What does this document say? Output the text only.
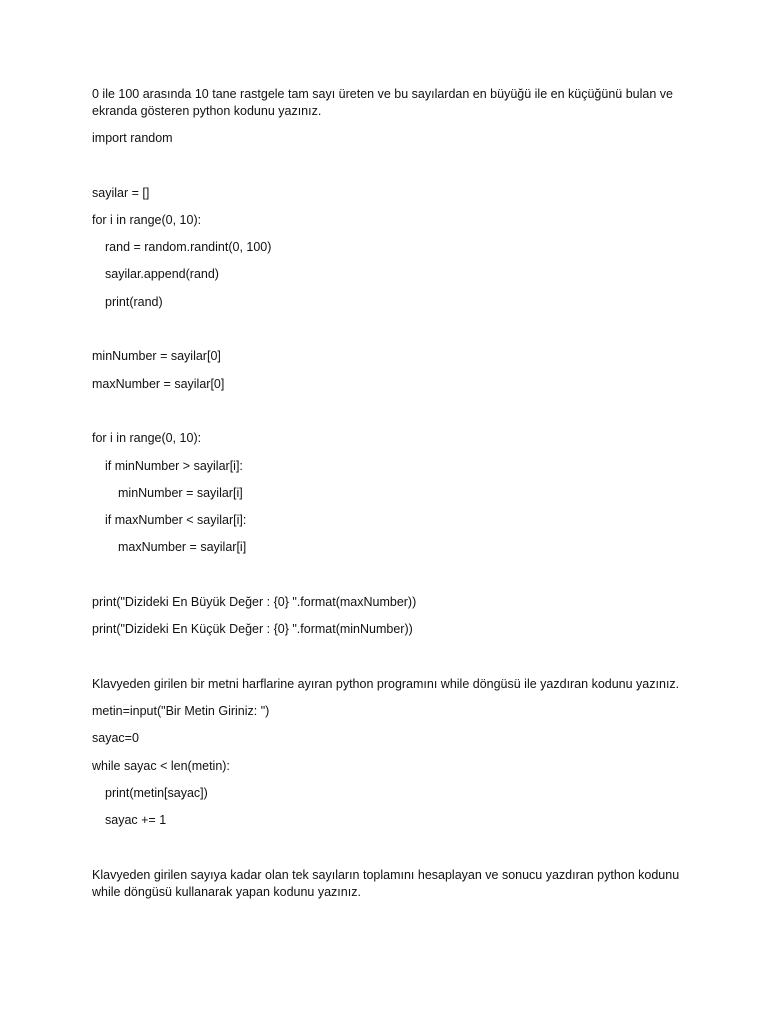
0 ile 100 arasında 10 tane rastgele tam sayı üreten ve bu sayılardan en büyüğü ile en küçüğünü bulan ve ekranda gösteren python kodunu yazınız.

import random
sayilar = []
for i in range(0, 10):
rand = random.randint(0, 100)
sayilar.append(rand)
print(rand)
minNumber = sayilar[0]
maxNumber = sayilar[0]
for i in range(0, 10):
if minNumber > sayilar[i]:
minNumber = sayilar[i]
if maxNumber < sayilar[i]:
maxNumber = sayilar[i]
print("Dizideki En Büyük Değer : {0} ".format(maxNumber))
print("Dizideki En Küçük Değer : {0} ".format(minNumber))

Klavyeden girilen bir metni harflarine ayıran python programını while döngüsü ile yazdıran kodunu yazınız.

metin=input("Bir Metin Giriniz: ")
sayac=0
while sayac < len(metin):
print(metin[sayac])
sayac += 1

Klavyeden girilen sayıya kadar olan tek sayıların toplamını hesaplayan ve sonucu yazdıran python kodunu while döngüsü kullanarak yapan kodunu yazınız.
